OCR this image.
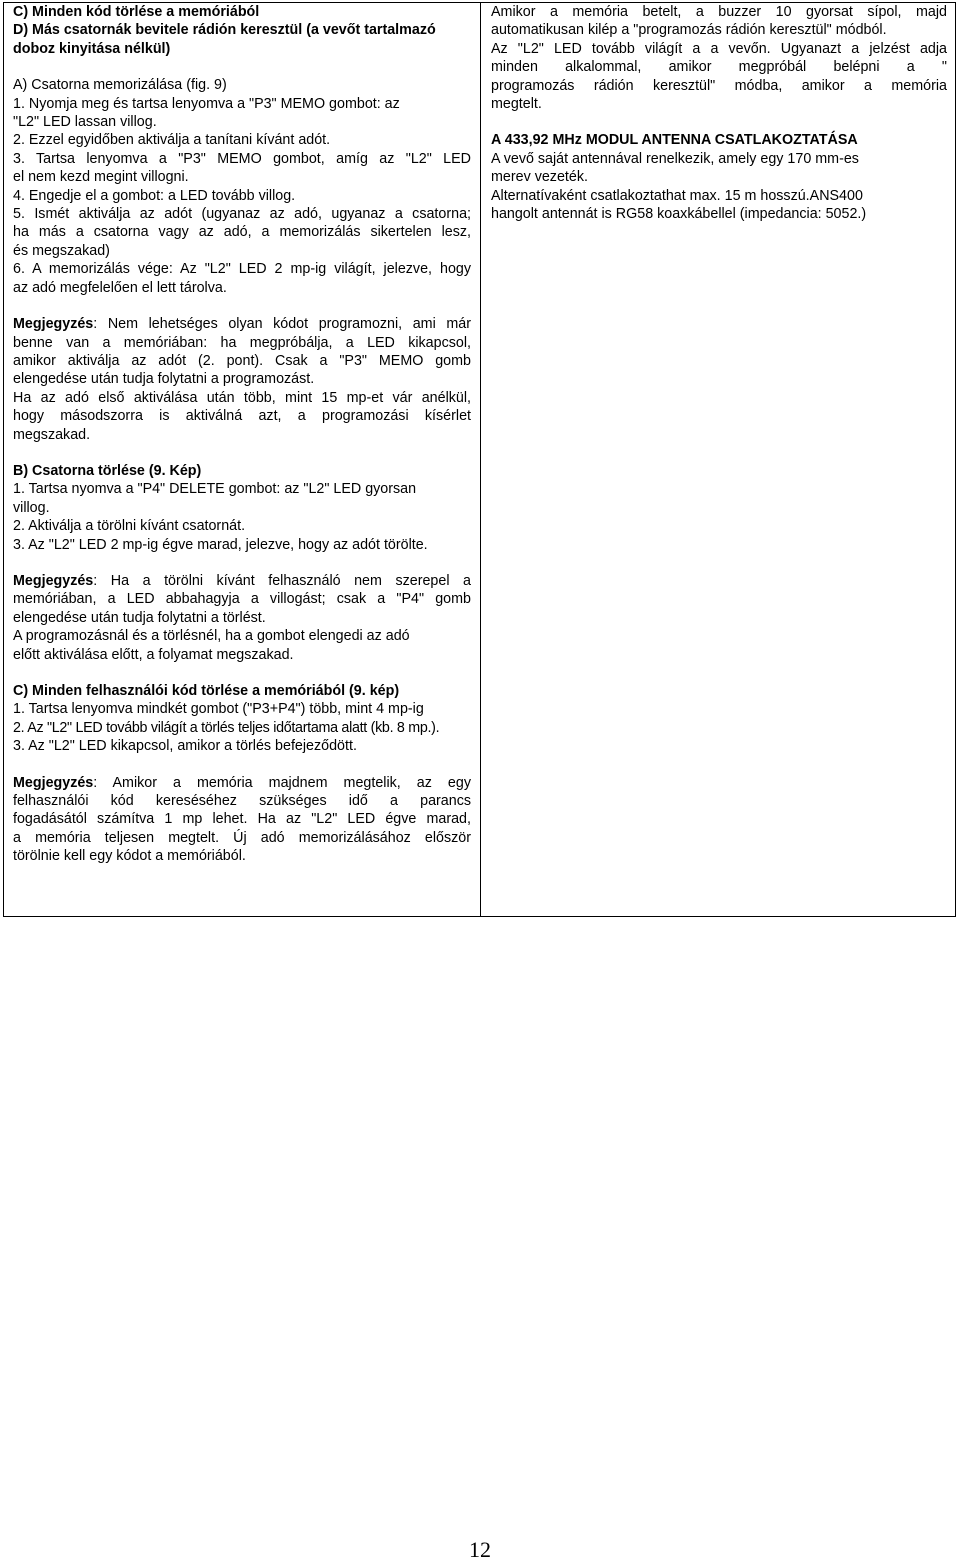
C) Minden kód törlése a memóriából
D) Más csatornák bevitele rádión keresztül (a vevőt tartalmazó
doboz kinyitása nélkül)
A) Csatorna memorizálása (fig. 9)
1. Nyomja meg és tartsa lenyomva a "P3" MEMO gombot: az
"L2" LED lassan villog.
2. Ezzel egyidőben aktiválja a tanítani kívánt adót.
3. Tartsa lenyomva a "P3" MEMO gombot, amíg az "L2" LED
el nem kezd megint villogni.
4. Engedje el a gombot: a LED tovább villog.
5. Ismét aktiválja az adót (ugyanaz az adó, ugyanaz a csatorna;
ha más a csatorna vagy az adó, a memorizálás sikertelen lesz,
és megszakad)
6. A memorizálás vége: Az "L2" LED 2 mp-ig világít, jelezve, hogy
az adó megfelelően el lett tárolva.
Megjegyzés: Nem lehetséges olyan kódot programozni, ami már
benne van a memóriában: ha megpróbálja, a LED kikapcsol,
amikor aktiválja az adót (2. pont). Csak a "P3" MEMO gomb
elengedése után tudja folytatni a programozást.
Ha az adó első aktiválása után több, mint 15 mp-et vár anélkül,
hogy másodszorra is aktiválná azt, a programozási kísérlet
megszakad.
B) Csatorna törlése (9. Kép)
1. Tartsa nyomva a "P4" DELETE gombot: az "L2" LED gyorsan
villog.
2. Aktiválja a törölni kívánt csatornát.
3. Az "L2" LED 2 mp-ig égve marad, jelezve, hogy az adót törölte.
Megjegyzés: Ha a törölni kívánt felhasználó nem szerepel a
memóriában, a LED abbahagyja a villogást; csak a "P4" gomb
elengedése után tudja folytatni a törlést.
A programozásnál és a törlésnél, ha a gombot elengedi az adó
előtt aktiválása előtt, a folyamat megszakad.
C) Minden felhasználói kód törlése a memóriából (9. kép)
1. Tartsa lenyomva mindkét gombot ("P3+P4") több, mint 4 mp-ig
2. Az "L2" LED tovább világít a törlés teljes időtartama alatt (kb. 8 mp.).
3. Az "L2" LED kikapcsol, amikor a törlés befejeződött.
Megjegyzés: Amikor a memória majdnem megtelik, az egy
felhasználói kód kereséséhez szükséges idő a parancs
fogadásától számítva 1 mp lehet. Ha az "L2" LED égve marad,
a memória teljesen megtelt. Új adó memorizálásához először
törölnie kell egy kódot a memóriából.
Amikor a memória betelt, a buzzer 10 gyorsat sípol, majd
automatikusan kilép a "programozás rádión keresztül" módból.
Az "L2" LED tovább világít a a vevőn. Ugyanazt a jelzést adja
minden alkalommal, amikor megpróbál belépni a "
programozás rádión keresztül" módba, amikor a memória
megtelt.
A 433,92 MHz MODUL ANTENNA CSATLAKOZTATÁSA
A vevő saját antennával renelkezik, amely egy 170 mm-es
merev vezeték.
Alternatívaként csatlakoztathat max. 15 m hosszú.ANS400
hangolt antennát is RG58 koaxkábellel (impedancia: 5052.)
12
